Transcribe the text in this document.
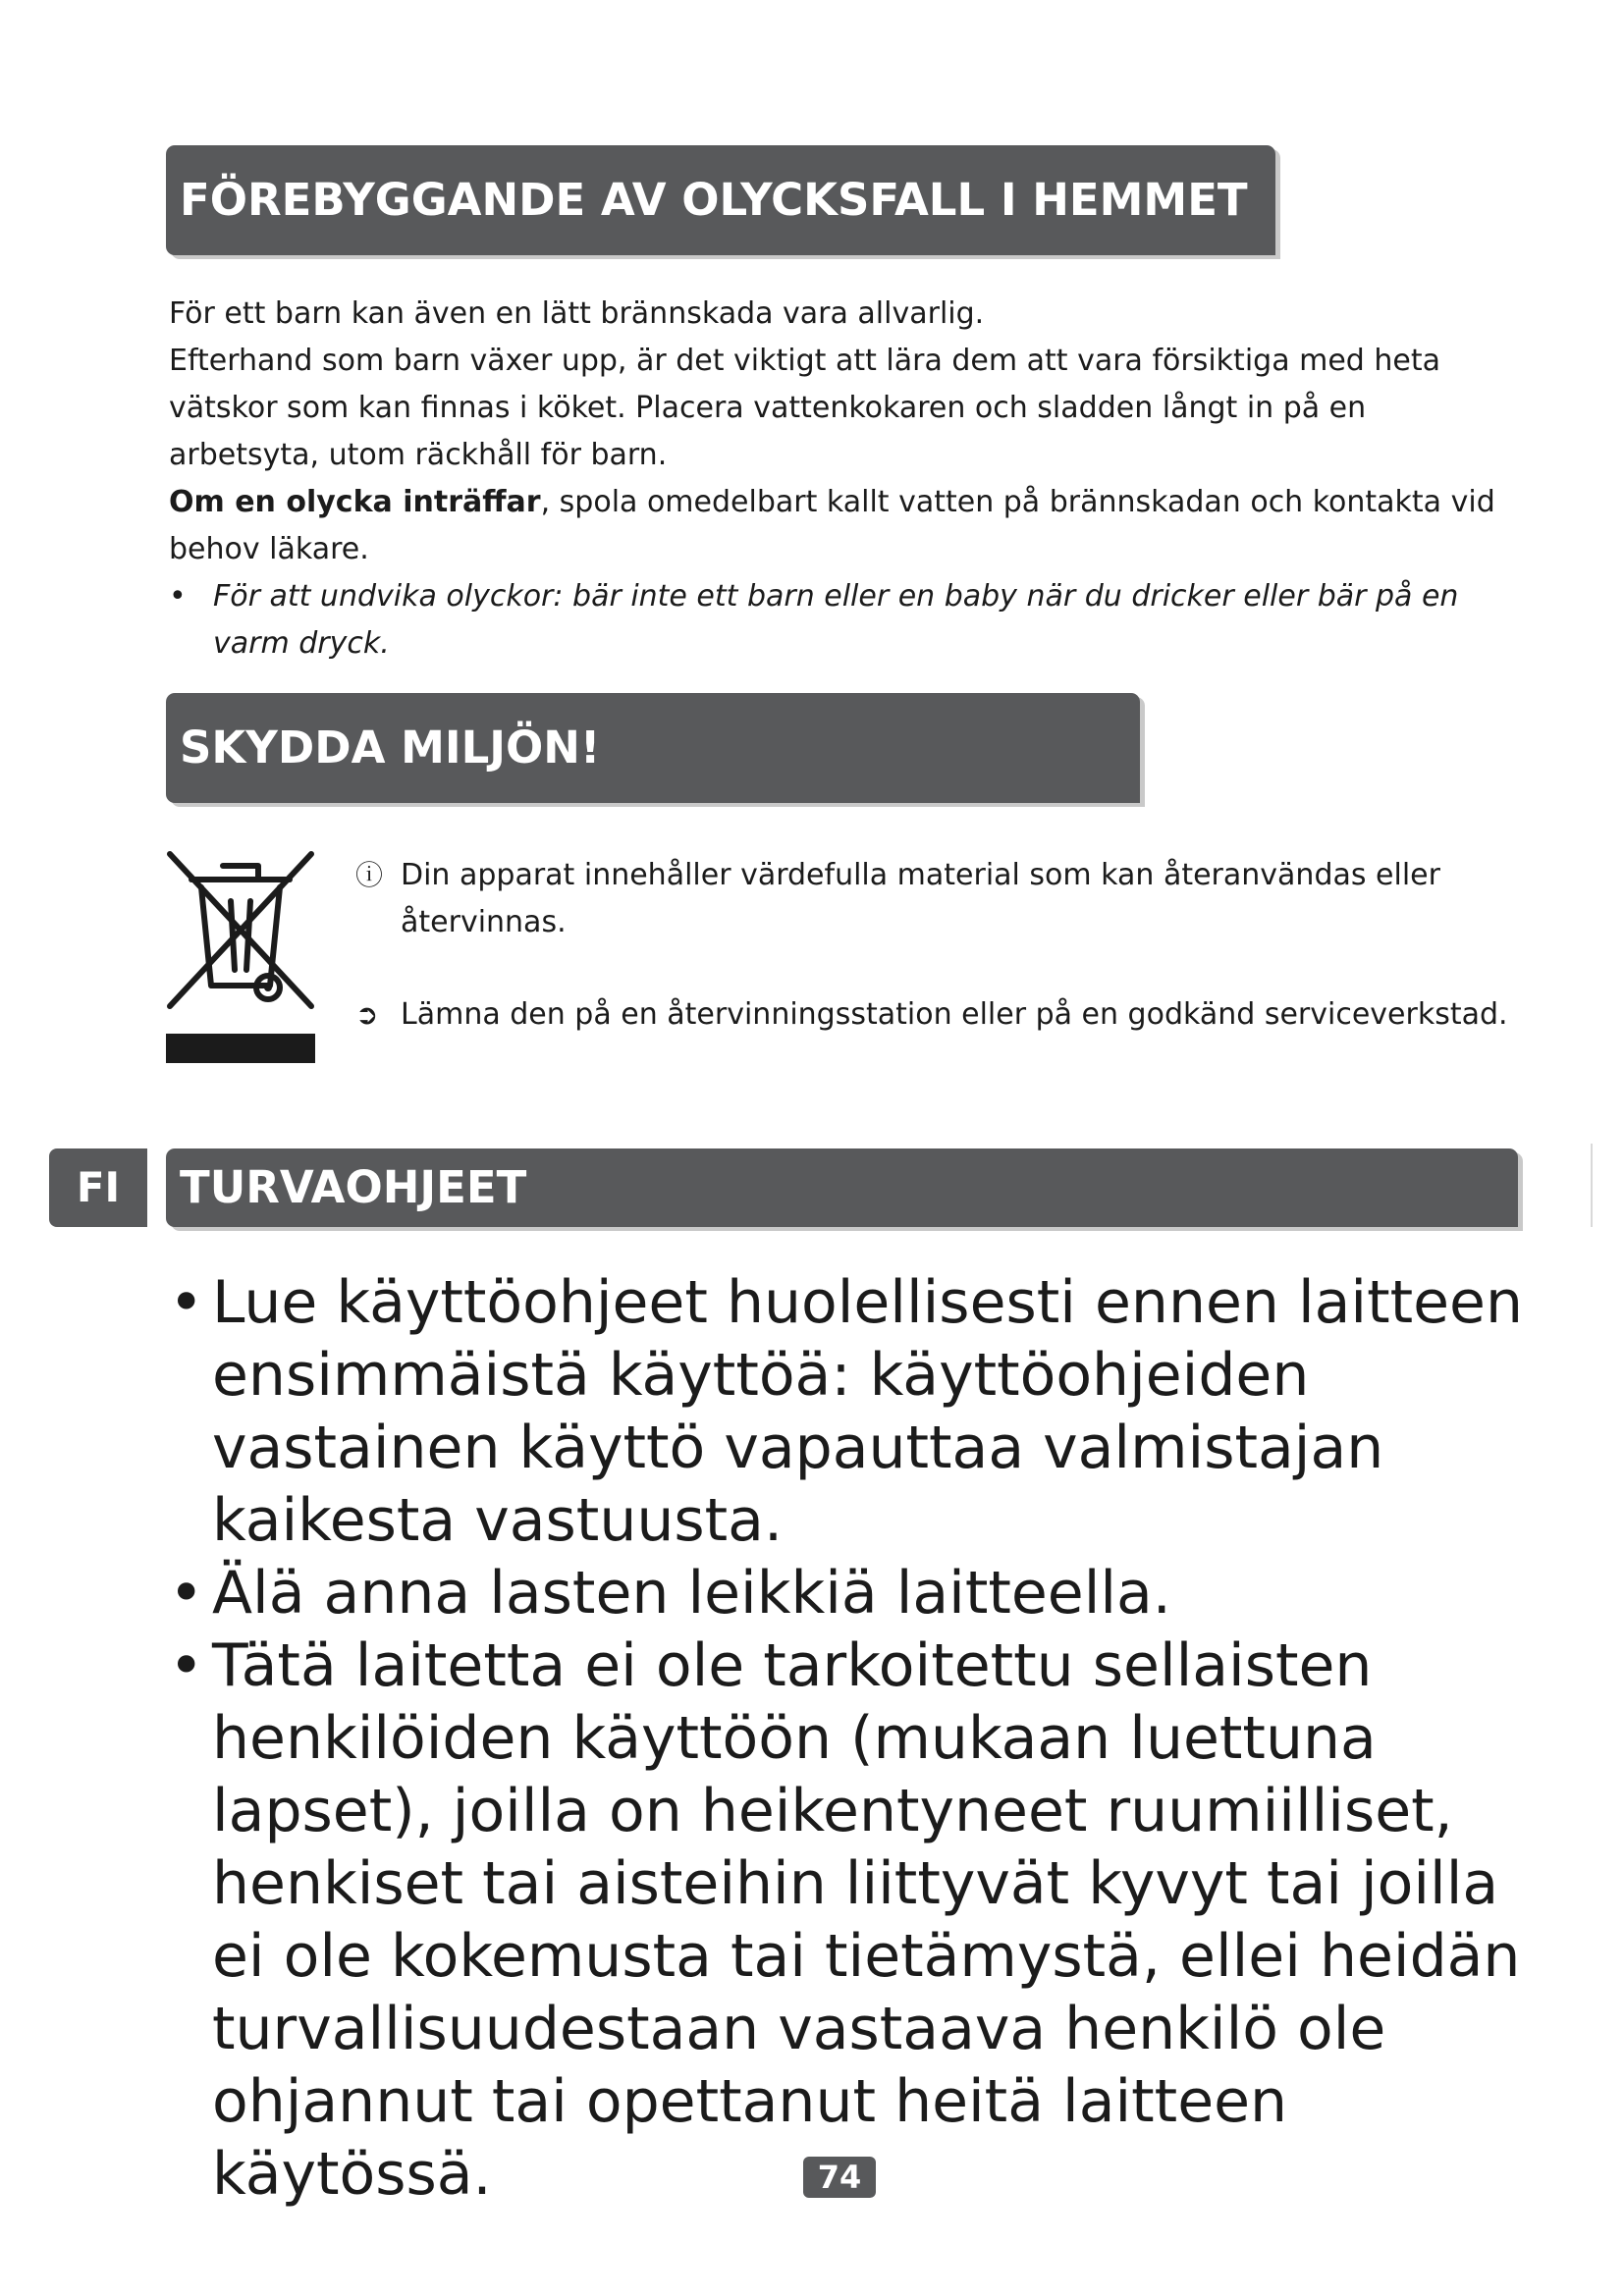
FÖREBYGGANDE AV OLYCKSFALL I HEMMET

För ett barn kan även en lätt brännskada vara allvarlig.

Efterhand som barn växer upp, är det viktigt att lära dem att vara försiktiga med heta vätskor som kan finnas i köket. Placera vattenkokaren och sladden långt in på en arbetsyta, utom räckhåll för barn.

Om en olycka inträffar, spola omedelbart kallt vatten på brännskadan och kontakta vid behov läkare.

• För att undvika olyckor: bär inte ett barn eller en baby när du dricker eller bär på en varm dryck.
SKYDDA MILJÖN!
ⓘ Din apparat innehåller värdefulla material som kan återanvändas eller återvinnas.
➲ Lämna den på en återvinningsstation eller på en godkänd serviceverkstad.
FI	TURVAOHJEET
• Lue käyttöohjeet huolellisesti ennen laitteen ensimmäistä käyttöä: käyttöohjeiden vastainen käyttö vapauttaa valmistajan kaikesta vastuusta.
• Älä anna lasten leikkiä laitteella.
• Tätä laitetta ei ole tarkoitettu sellaisten henkilöiden käyttöön (mukaan luettuna lapset), joilla on heikentyneet ruumiilliset, henkiset tai aisteihin liittyvät kyvyt tai joilla ei ole kokemusta tai tietämystä, ellei heidän turvallisuudestaan vastaava henkilö ole ohjannut tai opettanut heitä laitteen käytössä.	74
